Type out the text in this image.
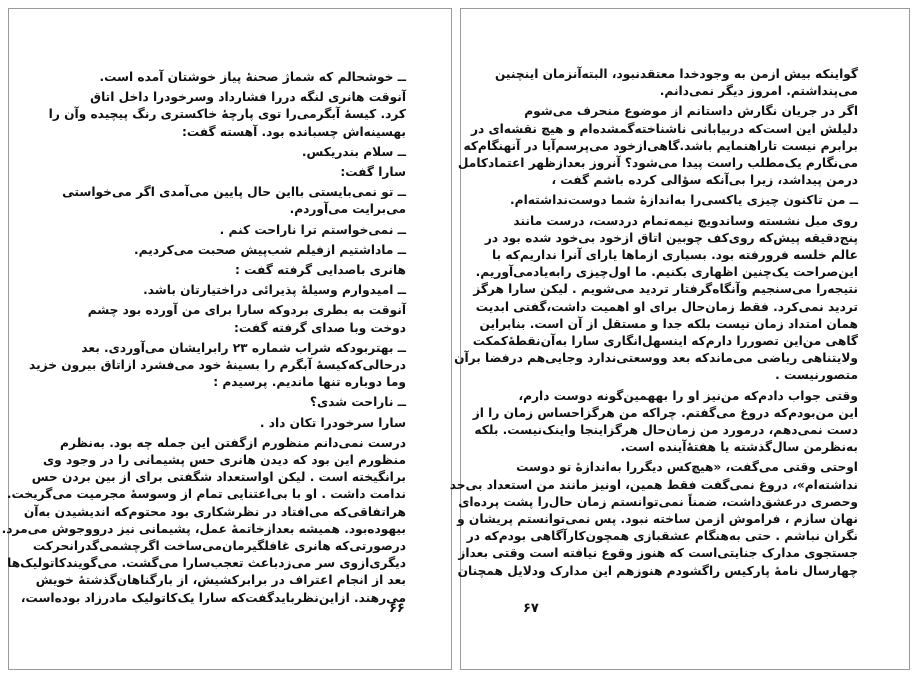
ــ خوشحالم که شماژ صحنهٔ پیاز خوشتان آمده است.
آنوقت هانری لنگه دررا فشارداد وسرخودرا داخل اتاق
کرد. کیسهٔ آبگرمی‌را توی پارچهٔ خاکستری رنگ پیچیده وآن را
بهسینه‌اش چسبانده بود. آهسته گفت:
ــ سلام بندریکس.
سارا گفت:
ــ تو نمی‌بایستی بااین حال پایین می‌آمدی اگر می‌خواستی
می‌برایت می‌آوردم.
ــ نمی‌خواستم ترا ناراحت کنم .
ــ ماداشتیم ازفیلم شب‌پیش صحبت می‌کردیم.
هانری باصدایی گرفته گفت :
ــ امیدوارم وسیلهٔ پذیرائی دراختیارتان باشد.
آنوقت به بطری بردوکه سارا برای من آورده بود چشم
دوخت وبا صدای گرفته گفت:
ــ بهتربودکه شراب شماره ۲۳ رابرایشان می‌آوردی. بعد
درحالی‌که‌کیسهٔ آبگرم را بسینهٔ خود می‌فشرد ازاتاق بیرون خزید
وما دوباره تنها ماندیم. پرسیدم :
ــ ناراحت شدی؟
سارا سرخودرا تکان داد .
درست نمی‌دانم منظورم ازگفتن این جمله چه بود. به‌نظرم
منظورم این بود که دیدن هانری حس پشیمانی را در وجود وی
برانگیخته است . لیکن اواستعداد شگفتی برای از بین بردن حس
ندامت داشت . او با بی‌اعتنایی تمام از وسوسهٔ مجرمیت می‌گریخت.
هراتفاقی‌که می‌افتاد در نظرشکاری بود محتوم‌که اندیشیدن به‌آن
بیهوده‌بود. همیشه بعدازخاتمهٔ عمل، پشیمانی نیز درووجوش می‌مرد.
درصورتی‌که هانری غافلگیرمان‌می‌ساخت اگرچشمی‌گدرانحرکت
دیگری‌ازوی سر می‌زدباعث تعجب‌سارا می‌گشت. می‌گویندکاتولیک‌ها
بعد از انجام اعتراف در برابر‌کشیش، از بارگناهان‌گذشتهٔ خویش
می‌رهند. ازاین‌نظربایدگفت‌که سارا یک‌کاتولیک مادرزاد بوده‌است،
۶۶
گواینکه بیش ازمن به وجودخدا معتقدنبود، البته‌آنزمان اینچنین
می‌پنداشتم. امروز دیگر نمی‌دانم.
اگر در جریان نگارش داستانم از موضوع منحرف می‌شوم
دلیلش این است‌که دربیابانی ناشناخته‌گمشده‌ام و هیچ نقشه‌ای در
برابرم نیست تاراهنمایم باشد.گاهی‌ازخود می‌پرسم‌آیا در آنهنگام‌که
می‌نگارم یک‌مطلب راست پیدا می‌شود؟ آنروز بعدازظهر اعتمادکامل
درمن پیداشد، زیرا بی‌آنکه سؤالی کرده باشم گفت ،
ــ من تاکنون چیزی یاکسی‌را به‌اندازهٔ شما دوست‌نداشته‌ام.
روی مبل نشسته وساندویچ نیمه‌تمام دردست، درست مانند
پنج‌دقیقه پیش‌که روی‌کف چوبین اتاق ازخود بی‌خود شده بود در
عالم خلسه فرورفته بود. بسیاری ازماها یارای آنرا نداریم‌که با
این‌صراحت یک‌چنین اظهاری بکنیم. ما اول‌چیزی رابه‌یادمی‌آوریم.
نتیجه‌را می‌سنجیم وآنگاه‌گرفتار تردید می‌شویم . لیکن سارا هرگز
تردید نمی‌کرد. فقط زمان‌حال برای او اهمیت داشت،گفتی ابدیت
همان امتداد زمان نیست بلکه جدا و مستقل از آن است. بنابراین
گاهی من‌این تصوررا دارم‌که اینسهل‌انگاری سارا به‌آن‌نقطهٔ‌کمکت
ولایتناهی ریاضی می‌ماندکه بعد ووسعتی‌ندارد وجایی‌هم درفضا برآن
متصورنیست .
وقتی جواب دادم‌که من‌نیز او را بههمین‌گونه دوست دارم،
این من‌بودم‌که دروغ می‌گفتم. چراکه من هرگزاحساس زمان را از
دست نمی‌دهم، درمورد من زمان‌حال هرگزاینجا واینک‌نیست. بلکه
به‌نظرمن سال‌گذشته یا هفتهٔ‌آینده است.
اوحتی وقتی می‌گفت، «هیچ‌کس دیگررا به‌اندازهٔ تو دوست
نداشته‌ام»، دروغ نمی‌گفت فقط همین، اونیز مانند من استعداد بی‌حد
وحصری درعشق‌داشت، ضمناً نمی‌توانستم زمان حال‌را پشت پرده‌ای
نهان سازم ، فراموش ازمن ساخته نبود. پس نمی‌توانستم پریشان و
نگران نباشم . حتی به‌هنگام عشقبازی همچون‌کارآگاهی بودم‌که در
جستجوی مدارک جنایتی‌است که هنوز وقوع نیافته است وقتی بعداز
چهارسال نامهٔ پارکیس راگشودم هنوزهم این مدارک ودلایل همچنان
۶۷
